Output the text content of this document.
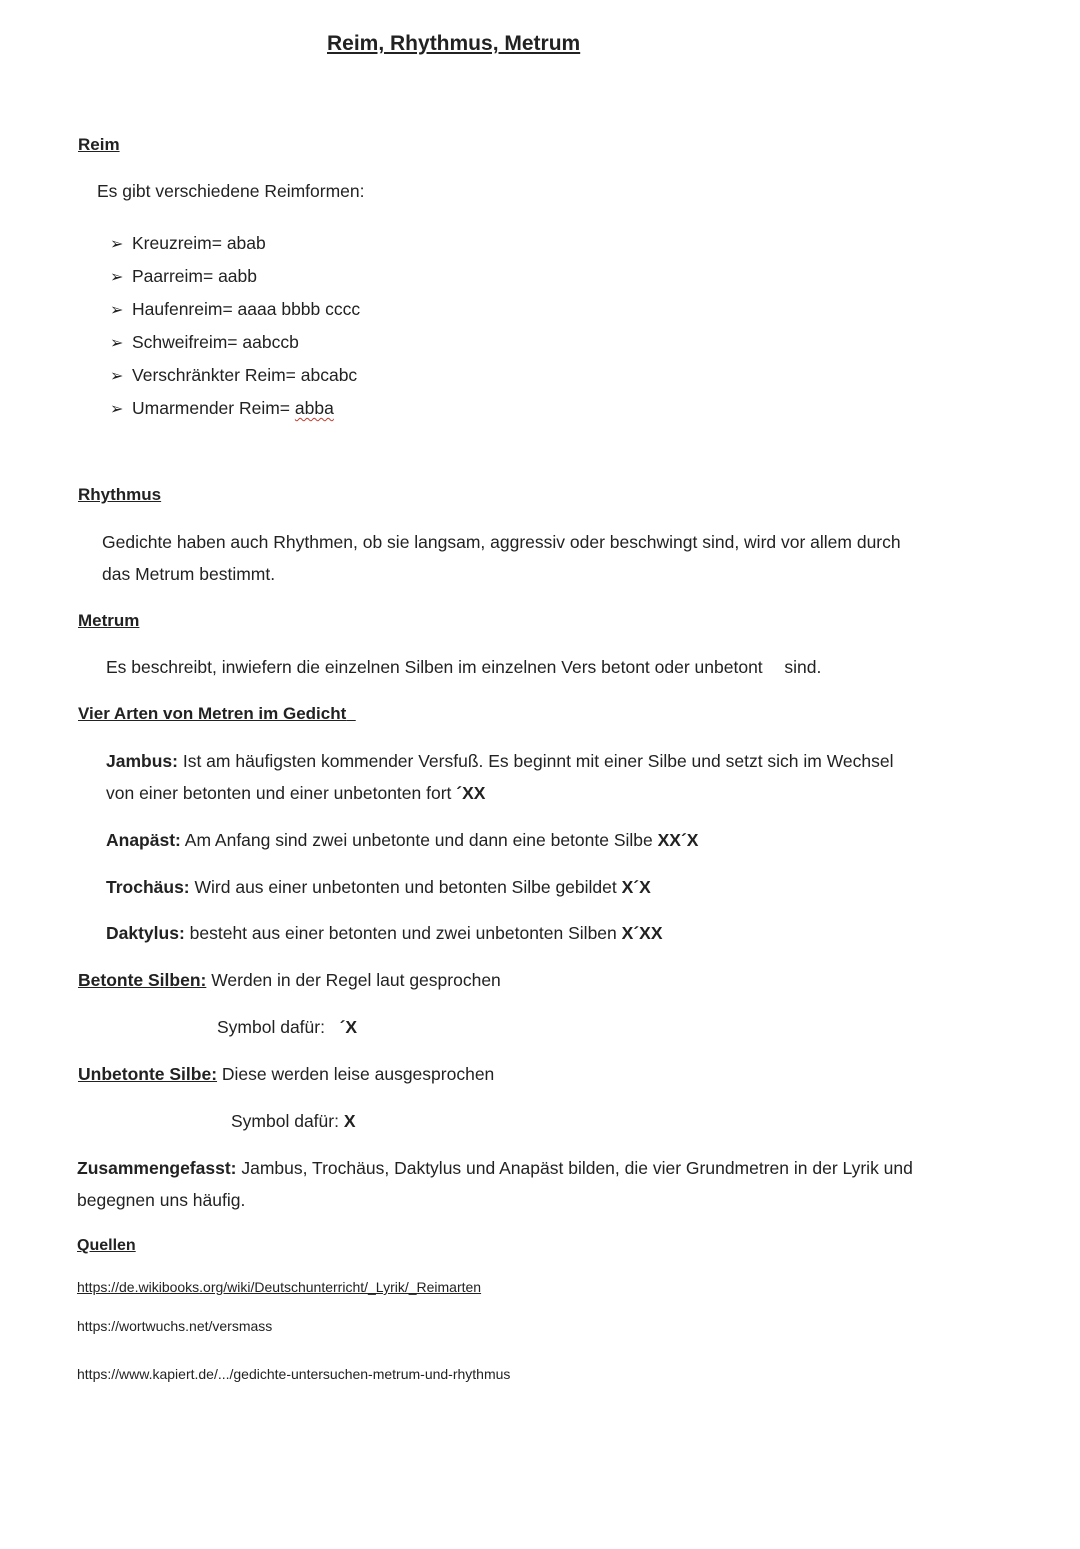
Reim, Rhythmus, Metrum
Reim
Es gibt verschiedene Reimformen:
➢ Kreuzreim= abab
➢ Paarreim= aabb
➢ Haufenreim= aaaa bbbb cccc
➢ Schweifreim= aabccb
➢ Verschränkter Reim= abcabc
➢ Umarmender Reim= abba
Rhythmus
Gedichte haben auch Rhythmen, ob sie langsam, aggressiv oder beschwingt sind, wird vor allem durch
das Metrum bestimmt.
Metrum
Es beschreibt, inwiefern die einzelnen Silben im einzelnen Vers betont oder unbetont sind.
Vier Arten von Metren im Gedicht
Jambus: Ist am häufigsten kommender Versfuß. Es beginnt mit einer Silbe und setzt sich im Wechsel
von einer betonten und einer unbetonten fort ´XX
Anapäst: Am Anfang sind zwei unbetonte und dann eine betonte Silbe XX´X
Trochäus: Wird aus einer unbetonten und betonten Silbe gebildet X´X
Daktylus: besteht aus einer betonten und zwei unbetonten Silben X´XX
Betonte Silben: Werden in der Regel laut gesprochen
Symbol dafür:   ´X
Unbetonte Silbe: Diese werden leise ausgesprochen
Symbol dafür: X
Zusammengefasst: Jambus, Trochäus, Daktylus und Anapäst bilden, die vier Grundmetren in der Lyrik und
begegnen uns häufig.
Quellen
https://de.wikibooks.org/wiki/Deutschunterricht/_Lyrik/_Reimarten
https://wortwuchs.net/versmass
https://www.kapiert.de/.../gedichte-untersuchen-metrum-und-rhythmus
